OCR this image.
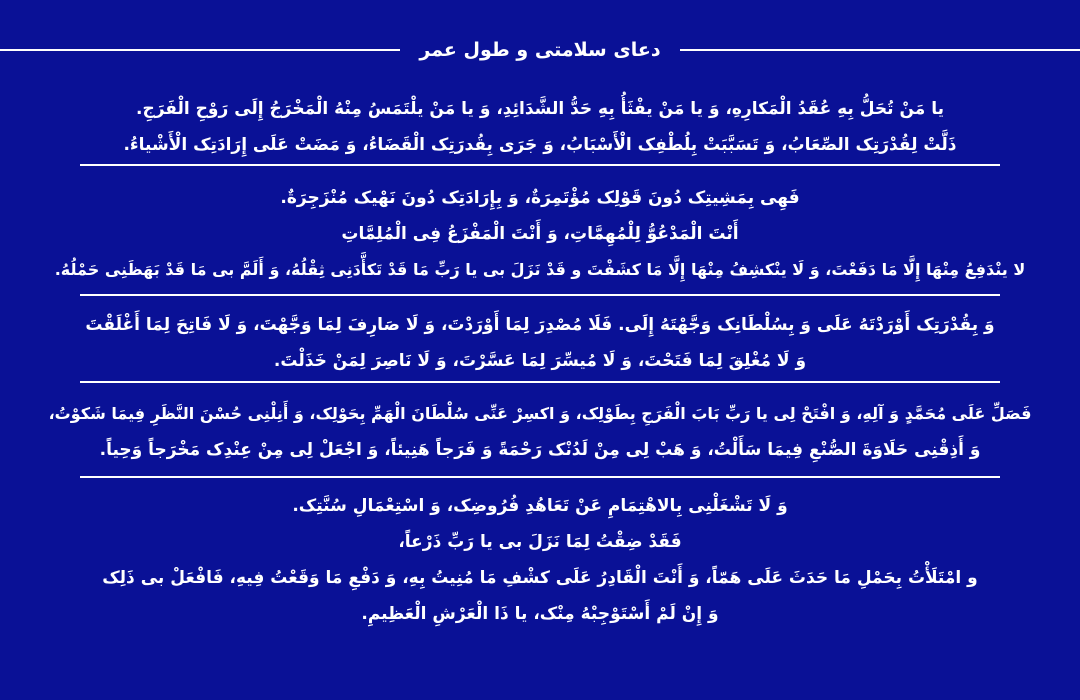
دعای سلامتی و طول عمر
یا مَنْ تُحَلُّ بِهِ عُقَدُ الْمَکارِهِ، وَ یا مَنْ یفْثَأُ بِهِ حَدُّ الشَّدَائِدِ، وَ یا مَنْ یلْتَمَسُ مِنْهُ الْمَخْرَجُ إِلَی رَوْحِ الْفَرَجِ.
ذَلَّتْ لِقُدْرَتِک الصِّعَابُ، وَ تَسَبَّبَتْ بِلُطْفِک الْأَسْبَابُ، وَ جَرَی بِقُدرَتِک الْقَضَاءُ، وَ مَضَتْ عَلَی إِرَادَتِک الْأَشْیاءُ.
فَهِی بِمَشِیتِک دُونَ قَوْلِک مُؤْتَمِرَةٌ، وَ بِإِرَادَتِک دُونَ نَهْیک مُنْزَجِرَةٌ.
أَنْتَ الْمَدْعُوُّ لِلْمُهِمَّاتِ، وَ أَنْتَ الْمَفْزَعُ فِی الْمُلِمَّاتِ
لا ینْدَفِعُ مِنْهَا إِلَّا مَا دَفَعْتَ، وَ لَا ینْکشِفُ مِنْهَا إِلَّا مَا کشَفْتَ و قَدْ نَزَلَ بی یا رَبِّ مَا قَدْ تَکأَّدَنِی ثِقْلُهُ، وَ أَلَمَّ بی مَا قَدْ بَهَظَنِی حَمْلُهُ.
وَ بِقُدْرَتِک أَوْرَدْتَهُ عَلَی وَ بِسُلْطَانِک وَجَّهْتَهُ إِلَی. فَلَا مُصْدِرَ لِمَا أَوْرَدْتَ، وَ لَا صَارِفَ لِمَا وَجَّهْتَ، وَ لَا فَاتِحَ لِمَا أَغْلَقْتَ
وَ لَا مُغْلِقَ لِمَا فَتَحْتَ، وَ لَا مُیسِّرَ لِمَا عَسَّرْتَ، وَ لَا نَاصِرَ لِمَنْ خَذَلْتَ.
فَصَلِّ عَلَی مُحَمَّدٍ وَ آلِهِ، وَ افْتَحْ لِی یا رَبِّ بَابَ الْفَرَجِ بِطَوْلِک، وَ اکسِرْ عَنِّی سُلْطَانَ الْهَمِّ بِحَوْلِک، وَ أَنِلْنِی حُسْنَ النَّظَرِ فِیمَا شَکوْتُ،
وَ أَذِقْنِی حَلَاوَةَ الصُّنْعِ فِیمَا سَأَلْتُ، وَ هَبْ لِی مِنْ لَدُنْک رَحْمَةً وَ فَرَجاً هَنِیئاً، وَ اجْعَلْ لِی مِنْ عِنْدِک مَخْرَجاً وَحِیاً.
وَ لَا تَشْغَلْنِی بِالاهْتِمَامِ عَنْ تَعَاهُدِ فُرُوضِک، وَ اسْتِعْمَالِ سُنَّتِک.
فَقَدْ ضِقْتُ لِمَا نَزَلَ بی یا رَبِّ ذَرْعاً،
و امْتَلَأْتُ بِحَمْلِ مَا حَدَثَ عَلَی هَمّاً، وَ أَنْتَ الْقَادِرُ عَلَی کشْفِ مَا مُنِیتُ بِهِ، وَ دَفْعِ مَا وَقَعْتُ فِیهِ، فَافْعَلْ بی ذَلِک
وَ إِنْ لَمْ أَسْتَوْجِبْهُ مِنْک، یا ذَا الْعَرْشِ الْعَظِیمِ.
